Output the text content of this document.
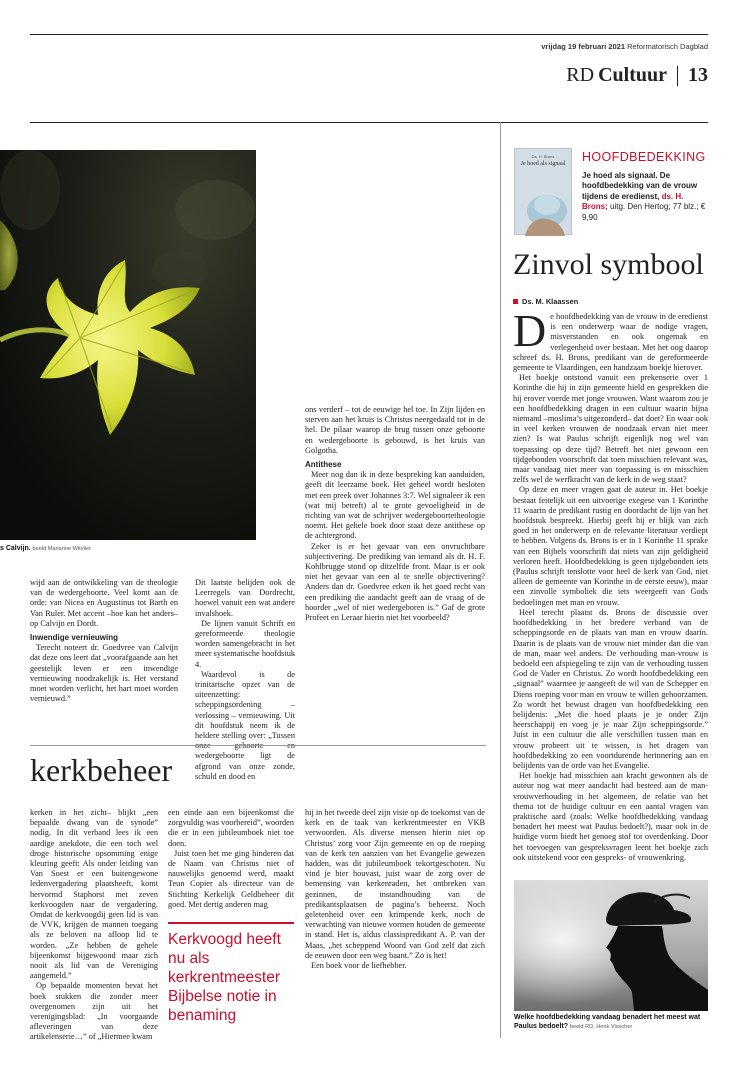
vrijdag 19 februari 2021 Reformatorisch Dagblad
RD Cultuur 13
s Calvijn. beeld Marianne Witvliet

ons verderf – tot de eeuwige hel toe. In Zijn lijden en sterven aan het kruis is Christus neergedaald tot in de hel. De pilaar waarop de brug tussen onze geboorte en wedergeboorte is gebouwd, is het kruis van Golgotha.

Antithese

Meer nog dan ik in deze bespreking kan aanduiden, geeft dit leerzame boek. Het geheel wordt besloten met een preek over Johannes 3:7. Wel signaleer ik een (wat mij betreft) al te grote gevoeligheid in de richting van wat de schrijver wedergeboortetheologie noemt. Het gehele boek door staat deze antithese op de achtergrond.

Zeker is er het gevaar van een onvruchtbare subjectivering. De prediking van iemand als dr. H. F. Kohlbrugge stond op ditzelfde front. Maar is er ook niet het gevaar van een al te snelle objectivering? Anders dan dr. Goedvree erken ik het goed recht van een prediking die aandacht geeft aan de vraag of de hoorder „wel of niet wedergeboren is.” Gaf de grote Profeet en Leraar hierin niet het voorbeeld?

wijd aan de ontwikkeling van de theologie van de wedergeboorte. Veel komt aan de orde: van Nicea en Augustinus tot Barth en Van Ruler. Met accent –hoe kan het anders– op Calvijn en Dordt.

Inwendige vernieuwing

Terecht noteert dr. Goedvree van Calvijn dat deze ons leert dat „voorafgaande aan het geestelijk leven er een inwendige vernieuwing noodzakelijk is. Het verstand moet worden verlicht, het hart moet worden vernieuwd.”

Dit laatste belijden ook de Leerregels van Dordrecht, hoewel vanuit een wat andere invalshoek.

De lijnen vanuit Schrift en gereformeerde theologie worden samengebracht in het meer systematische hoofdstuk 4.

Waardevol is de trinitarische opzet van de uiteenzetting: scheppingsordening – verlossing – vernieuwing. Uit dit hoofdstuk neem ik de heldere stelling over: „Tussen wedergeboorte ligt de afgrond van onze zonde, schuld en dood en

kerkbeheer

kerken in het zicht– blijkt „een bepaalde dwang van de synode” nodig. In dit verband lees ik een aardige anekdote, die een toch wel droge historische opsomming enige kleuring geeft: Als onder leiding van Van Soest er een buitengewone ledenvergadering plaatsheeft, komt hervormd Staphorst met zeven kerkvoogden naar de vergadering. Omdat de kerkvoogdij geen lid is van de VVK, krijgen de mannen toegang als ze beloven na afloop lid te worden. „Ze hebben de gehele bijeenkomst bijgewoond maar zich nooit als lid van de Vereniging aangemeld.”

Op bepaalde momenten bevat het boek stukken die zonder meer overgenomen zijn uit het verenigingsblad: „In voorgaande afleveringen van deze artikelenserie…” of „Hiermee kwam

een einde aan een bijeenkomst die zorgvuldig was voorbereid”, woorden die er in een jubileumboek niet toe doen.

Juist toen het me ging hinderen dat de Naam van Christus niet of nauwelijks genoemd werd, maakt Teun Copier als directeur van de Stichting Kerkelijk Geldbeheer dit goed. Met dertig anderen mag

Kerkvoogd heeft nu als kerkrentmeester Bijbelse notie in benaming

hij in het tweede deel zijn visie op de toekomst van de kerk en de taak van kerkrentmeester en VKB verwoorden. Als diverse mensen hierin niet op Christus’ zorg voor Zijn gemeente en op de roeping van de kerk ten aanzien van het Evangelie gewezen hadden, was dit jubileumboek tekortgeschoten. Nu vind je hier houvast, juist waar de zorg over de bemensing van kerkenraden, het ontbreken van gezinnen, de instandhouding van de predikantsplaatsen de pagina’s beheerst. Noch geletenheid over een krimpende kerk, noch de verwachting van nieuwe vormen houden de gemeente in stand. Het is, aldus classispredikant A. P. van der Maas, „het scheppend Woord van God zelf dat zich de eeuwen door een weg baant.” Zo is het!

Een boek voor de liefhebber.

Ds. H. Brons
Je hoed als signaal	HOOFDBEDEKKING
Je hoed als signaal. De hoofdbedekking van de vrouw tijdens de eredienst, ds. H. Brons; uitg. Den Hertog; 77 blz.; € 9,90
Zinvol symbool
Ds. M. Klaassen
D e hoofdbedekking van de vrouw in de eredienst is een onderwerp waar de nodige vragen, misverstanden en ook ongemak en verlegenheid over bestaan. Met het oog daarop schreef ds. H. Brons, predikant van de gereformeerde gemeente te Vlaardingen, een handzaam boekje hierover.

Het boekje ontstond vanuit een prekenserie over 1 Korinthe die hij in zijn gemeente hield en gesprekken die hij erover voerde met jonge vrouwen. Want waarom zou je een hoofdbedekking dragen in een cultuur waarin bijna niemand –moslima’s uitgezonderd– dat doet? En waar ook in veel kerken vrouwen de noodzaak ervan niet meer zien? Is wat Paulus schrijft eigenlijk nog wel van toepassing op deze tijd? Betreft het niet gewoon een tijdgebonden voorschrift dat toen misschien relevant was, maar vandaag niet meer van toepassing is en misschien zelfs wel de werfkracht van de kerk in de weg staat?

Op deze en meer vragen gaat de auteur in. Het boekje bestaat feitelijk uit een uitvoerige exegese van 1 Korinthe 11 waarin de predikant rustig en doordacht de lijn van het hoofdstuk bespreekt. Hierbij geeft hij er blijk van zich goed in het onderwerp en de relevante literatuur verdiept te hebben. Volgens ds. Brons is er in 1 Korinthe 11 sprake van een Bijbels voorschrift dat niets van zijn geldigheid verloren heeft. Hoofdbedekking is geen tijdgebonden iets (Paulus schrijft tenslotte voor heel de kerk van God, niet alleen de gemeente van Korinthe in de eerste eeuw), maar een zinvolle symboliek die iets weergeeft van Gods bedoelingen met man en vrouw.

Heel terecht plaatst ds. Brons de discussie over hoofdbedekking in het bredere verband van de scheppingsorde en de plaats van man en vrouw daarin. Daarin is de plaats van de vrouw niet minder dan die van de man, maar wel anders. De verhouding man-vrouw is bedoeld een afspiegeling te zijn van de verhouding tussen God de Vader en Christus. Zo wordt hoofdbedekking een „signaal” waarmee je aangeeft de wil van de Schepper en Diens roeping voor man en vrouw te willen gehoorzamen. Zo wordt het bewust dragen van hoofdbedekking een belijdenis: „Met die hoed plaats je je onder Zijn heerschappij en voeg je je naar Zijn scheppingsorde.” Juist in een cultuur die alle verschillen tussen man en vrouw probeert uit te wissen, is het dragen van hoofdbedekking zo een voortdurende herinnering aan en belijdenis van de orde van het Evangelie.

Het boekje had misschien aan kracht gewonnen als de auteur nog wat meer aandacht had besteed aan de man-vrouwverhouding in het algemeen, de relatie van het thema tot de huidige cultuur en een aantal vragen van praktische aard (zoals: Welke hoofdbedekking vandaag benadert het meest wat Paulus bedoelt?), maar ook in de huidige vorm biedt het genoeg stof tot overdenking. Door het toevoegen van gespreksvragen leent het boekje zich ook uitstekend voor een gespreks- of vrouwenkring.

Welke hoofdbedekking vandaag benadert het meest wat Paulus bedoelt? beeld RD, Henk Visscher
